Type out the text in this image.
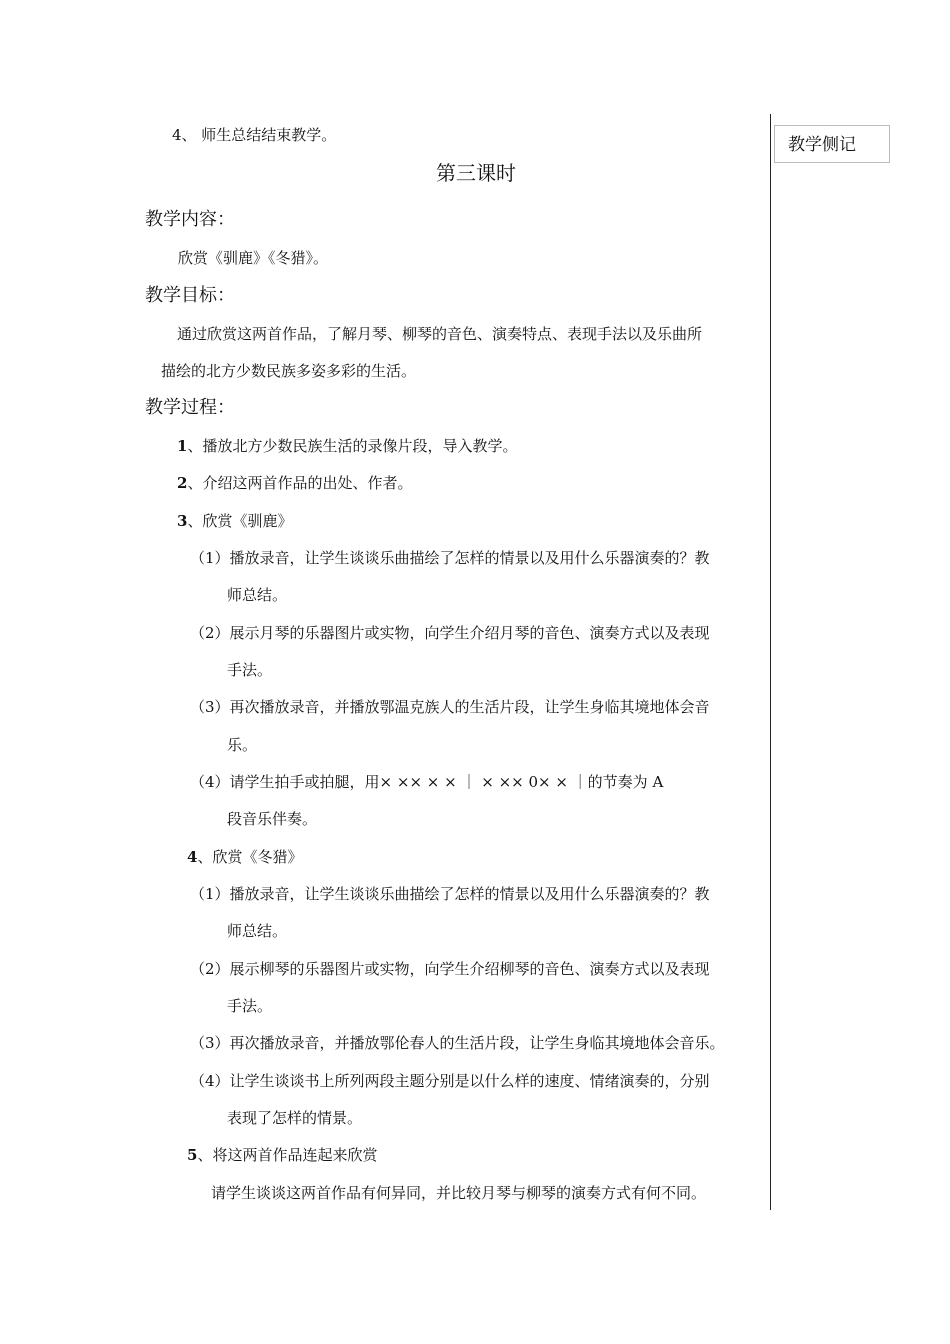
教学侧记
4、 师生总结结束教学。
第三课时
教学内容：
欣赏《驯鹿》《冬猎》。
教学目标：
通过欣赏这两首作品，了解月琴、柳琴的音色、演奏特点、表现手法以及乐曲所
描绘的北方少数民族多姿多彩的生活。
教学过程：
1、播放北方少数民族生活的录像片段，导入教学。
2、介绍这两首作品的出处、作者。
3、欣赏《驯鹿》
（1）播放录音，让学生谈谈乐曲描绘了怎样的情景以及用什么乐器演奏的？教
师总结。
（2）展示月琴的乐器图片或实物，向学生介绍月琴的音色、演奏方式以及表现
手法。
（3）再次播放录音，并播放鄂温克族人的生活片段，让学生身临其境地体会音
乐。
（4）请学生拍手或拍腿，用× ×× × × ｜ × ×× 0× × ｜的节奏为 A
段音乐伴奏。
4、欣赏《冬猎》
（1）播放录音，让学生谈谈乐曲描绘了怎样的情景以及用什么乐器演奏的？教
师总结。
（2）展示柳琴的乐器图片或实物，向学生介绍柳琴的音色、演奏方式以及表现
手法。
（3）再次播放录音，并播放鄂伦春人的生活片段，让学生身临其境地体会音乐。
（4）让学生谈谈书上所列两段主题分别是以什么样的速度、情绪演奏的，分别
表现了怎样的情景。
5、将这两首作品连起来欣赏
请学生谈谈这两首作品有何异同，并比较月琴与柳琴的演奏方式有何不同。
